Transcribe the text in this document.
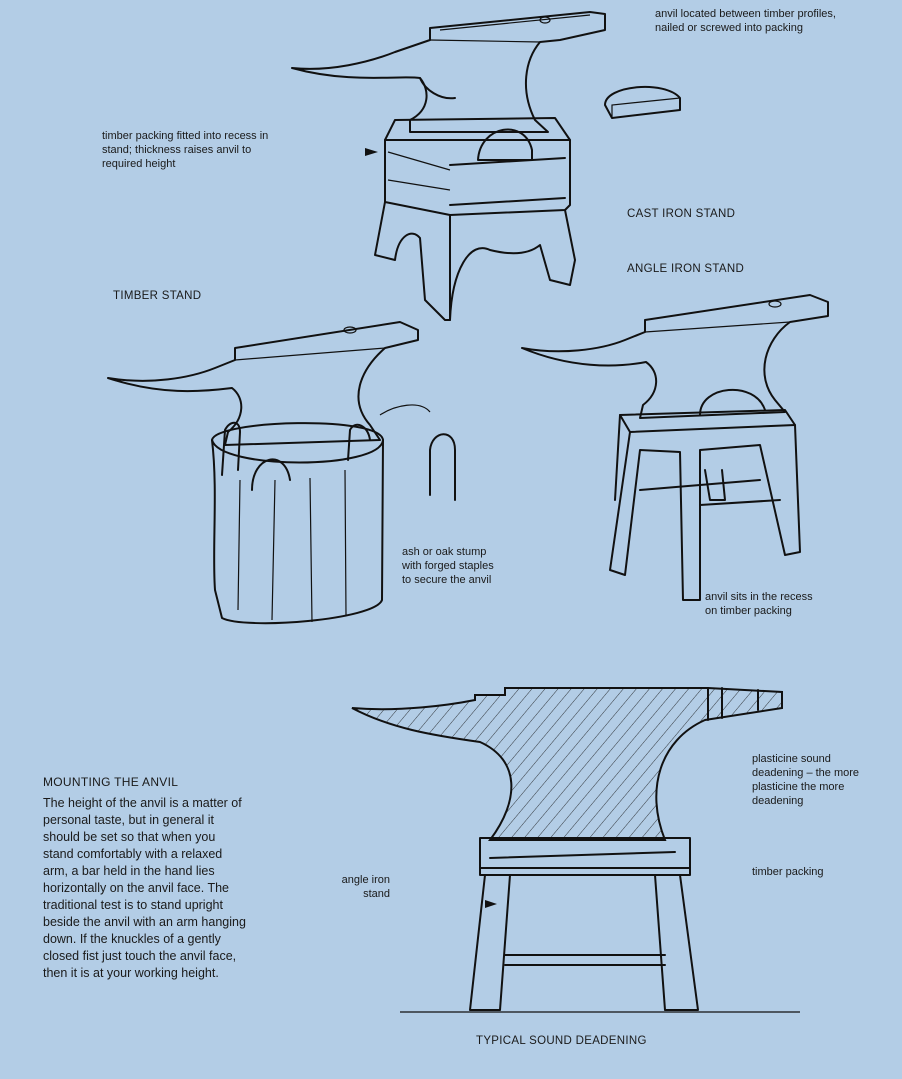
anvil located between timber profiles,
nailed or screwed into packing
timber packing fitted into recess in
stand; thickness raises anvil to
required height
CAST IRON STAND
ANGLE IRON STAND
TIMBER STAND
ash or oak stump
with forged staples
to secure the anvil
anvil sits in the recess
on timber packing
plasticine sound
deadening – the more
plasticine the more
deadening
timber packing
angle iron
stand
TYPICAL SOUND DEADENING
MOUNTING THE ANVIL
The height of the anvil is a matter of
personal taste, but in general it
should be set so that when you
stand comfortably with a relaxed
arm, a bar held in the hand lies
horizontally on the anvil face. The
traditional test is to stand upright
beside the anvil with an arm hanging
down. If the knuckles of a gently
closed fist just touch the anvil face,
then it is at your working height.
